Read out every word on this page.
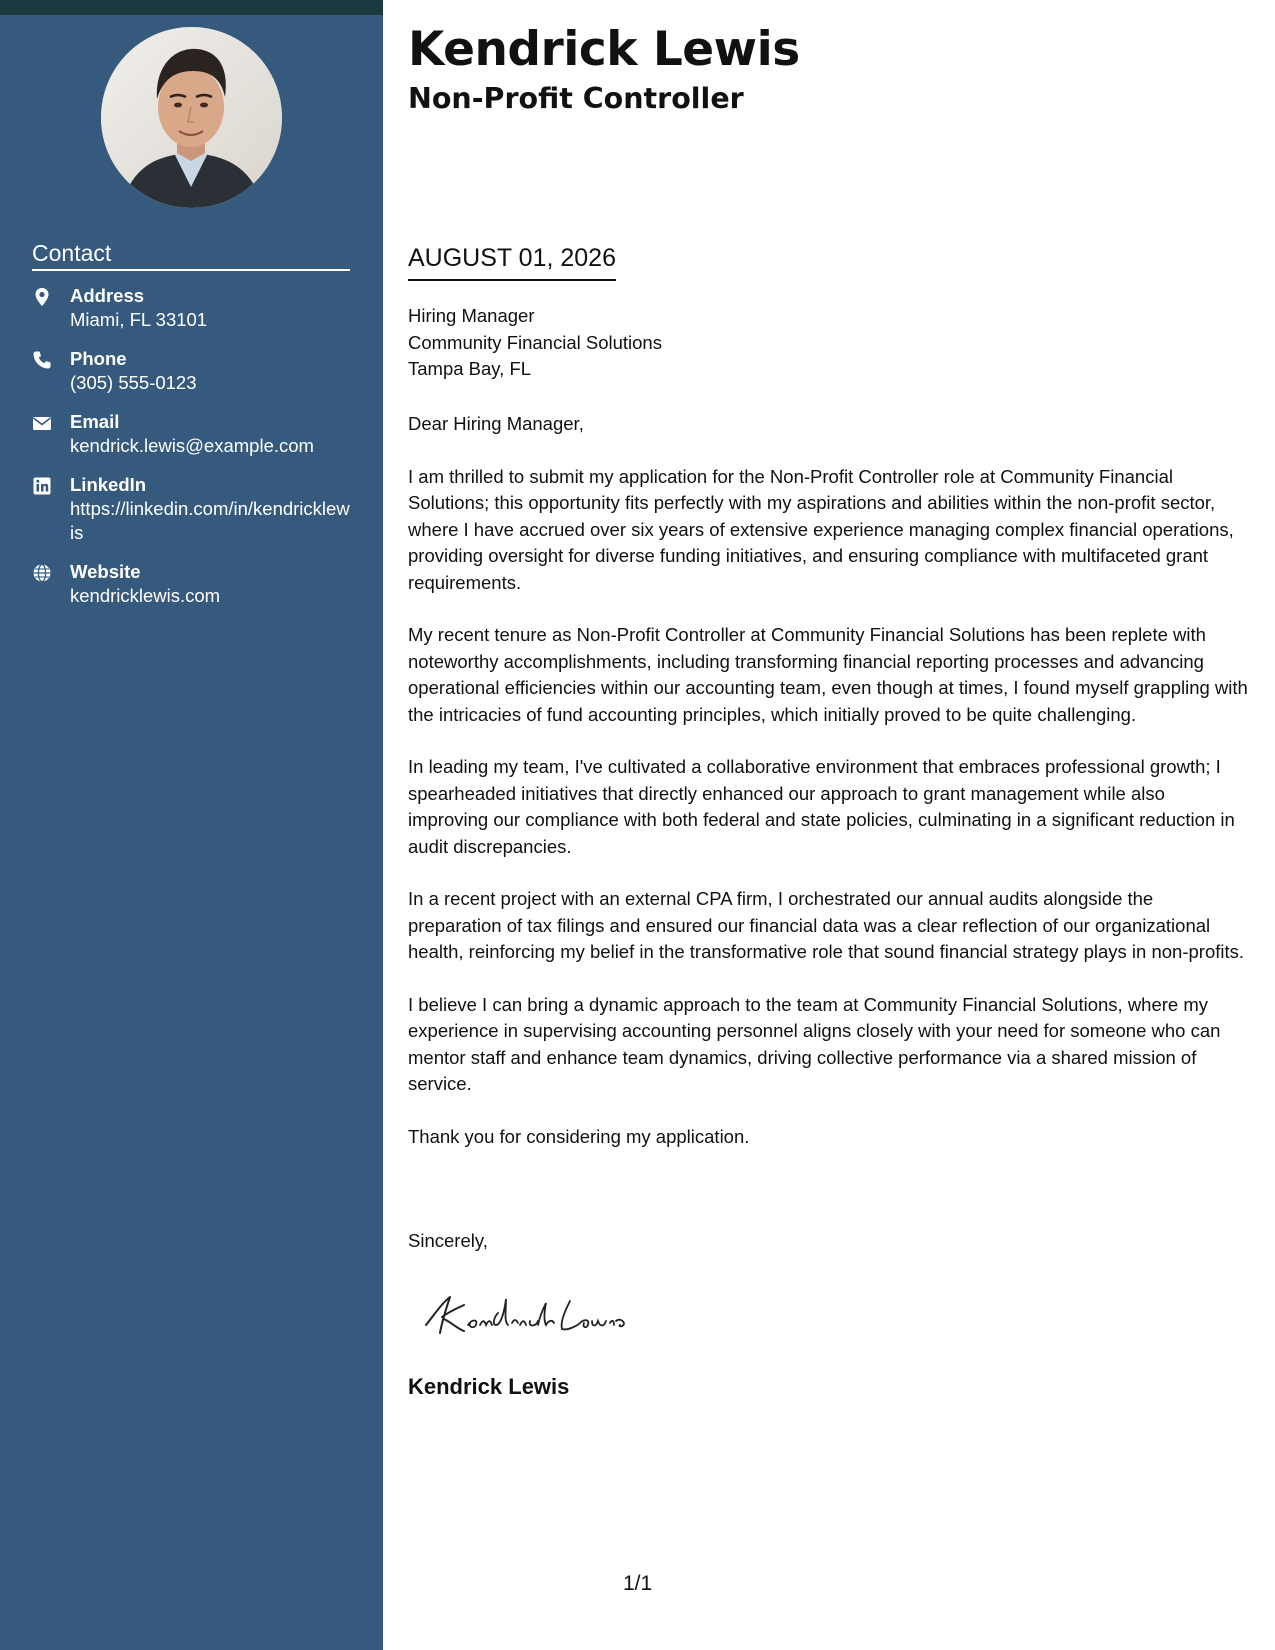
Contact
Address
Miami, FL 33101
Phone
(305) 555-0123
Email
kendrick.lewis@example.com
LinkedIn
https://linkedin.com/in/kendricklewis
Website
kendricklewis.com
Kendrick Lewis
Non-Profit Controller
AUGUST 01, 2026
Hiring Manager
Community Financial Solutions
Tampa Bay, FL

Dear Hiring Manager,

I am thrilled to submit my application for the Non-Profit Controller role at Community Financial Solutions; this opportunity fits perfectly with my aspirations and abilities within the non-profit sector, where I have accrued over six years of extensive experience managing complex financial operations, providing oversight for diverse funding initiatives, and ensuring compliance with multifaceted grant requirements.

My recent tenure as Non-Profit Controller at Community Financial Solutions has been replete with noteworthy accomplishments, including transforming financial reporting processes and advancing operational efficiencies within our accounting team, even though at times, I found myself grappling with the intricacies of fund accounting principles, which initially proved to be quite challenging.

In leading my team, I've cultivated a collaborative environment that embraces professional growth; I spearheaded initiatives that directly enhanced our approach to grant management while also improving our compliance with both federal and state policies, culminating in a significant reduction in audit discrepancies.

In a recent project with an external CPA firm, I orchestrated our annual audits alongside the preparation of tax filings and ensured our financial data was a clear reflection of our organizational health, reinforcing my belief in the transformative role that sound financial strategy plays in non-profits.

I believe I can bring a dynamic approach to the team at Community Financial Solutions, where my experience in supervising accounting personnel aligns closely with your need for someone who can mentor staff and enhance team dynamics, driving collective performance via a shared mission of service.

Thank you for considering my application.

Sincerely,
Kendrick Lewis
1/1
